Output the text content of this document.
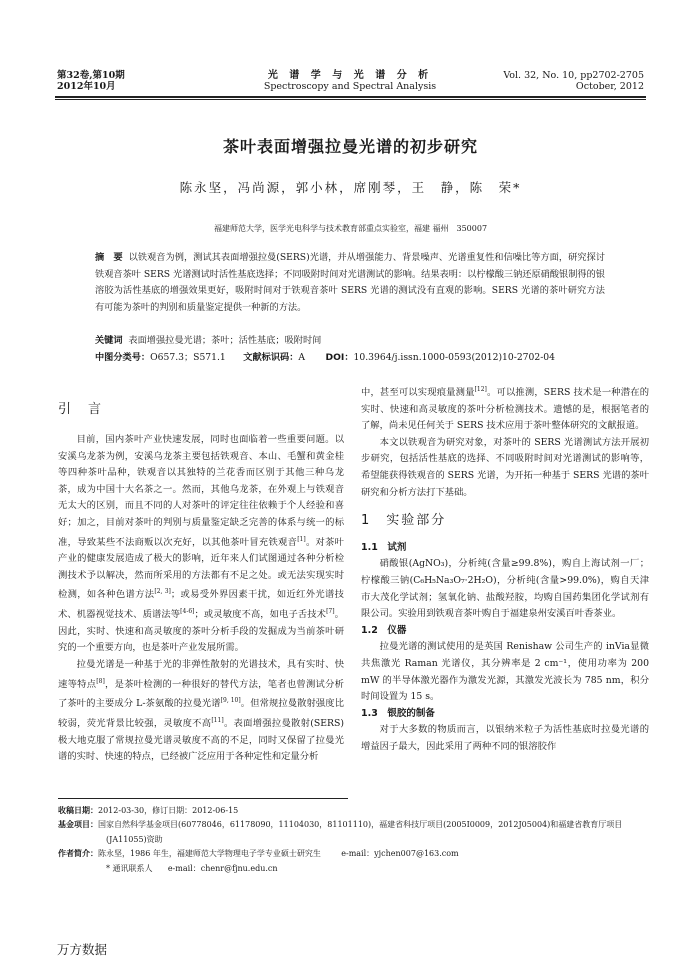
第32卷,第10期
2012年10月
光 谱 学 与 光 谱 分 析
Spectroscopy and Spectral Analysis
Vol. 32, No. 10, pp2702-2705
October, 2012
茶叶表面增强拉曼光谱的初步研究
陈永坚，冯尚源，郭小林，席刚琴，王　静，陈　荣*
福建师范大学，医学光电科学与技术教育部重点实验室，福建 福州　350007
摘　要 以铁观音为例，测试其表面增强拉曼(SERS)光谱，并从增强能力、背景噪声、光谱重复性和信噪比等方面，研究探讨铁观音茶叶 SERS 光谱测试时活性基底选择；不同吸附时间对光谱测试的影响。结果表明：以柠檬酸三钠还原硝酸银制得的银溶胶为活性基底的增强效果更好，吸附时间对于铁观音茶叶 SERS 光谱的测试没有直观的影响。SERS 光谱的茶叶研究方法有可能为茶叶的判别和质量鉴定提供一种新的方法。
关键词 表面增强拉曼光谱；茶叶；活性基底；吸附时间
中图分类号：O657.3；S571.1 文献标识码：A DOI：10.3964/j.issn.1000-0593(2012)10-2702-04
引　言

目前，国内茶叶产业快速发展，同时也面临着一些重要问题。以安溪乌龙茶为例，安溪乌龙茶主要包括铁观音、本山、毛蟹和黄金桂等四种茶叶品种，铁观音以其独特的兰花香而区别于其他三种乌龙茶，成为中国十大名茶之一。然而，其他乌龙茶，在外观上与铁观音无太大的区别，而且不同的人对茶叶的评定往往依赖于个人经验和喜好；加之，目前对茶叶的判别与质量鉴定缺乏完善的体系与统一的标准，导致某些不法商贩以次充好，以其他茶叶冒充铁观音[1]。对茶叶产业的健康发展造成了极大的影响，近年来人们试图通过各种分析检测技术予以解决，然而所采用的方法都有不足之处。或无法实现实时检测，如各种色谱方法[2, 3]；或易受外界因素干扰，如近红外光谱技术、机器视觉技术、质谱法等[4-6]；或灵敏度不高，如电子舌技术[7]。因此，实时、快速和高灵敏度的茶叶分析手段的发掘成为当前茶叶研究的一个重要方向，也是茶叶产业发展所需。

拉曼光谱是一种基于光的非弹性散射的光谱技术，具有实时、快速等特点[8]，是茶叶检测的一种很好的替代方法，笔者也曾测试分析了茶叶的主要成分 L-茶氨酸的拉曼光谱[9, 10]。但常规拉曼散射强度比较弱，荧光背景比较强，灵敏度不高[11]。表面增强拉曼散射(SERS)极大地克服了常规拉曼光谱灵敏度不高的不足，同时又保留了拉曼光谱的实时、快速的特点，已经被广泛应用于各种定性和定量分析

中，甚至可以实现痕量测量[12]。可以推测，SERS 技术是一种潜在的实时、快速和高灵敏度的茶叶分析检测技术。遗憾的是，根据笔者的了解，尚未见任何关于 SERS 技术应用于茶叶整体研究的文献报道。

本文以铁观音为研究对象，对茶叶的 SERS 光谱测试方法开展初步研究，包括活性基底的选择、不同吸附时间对光谱测试的影响等，希望能获得铁观音的 SERS 光谱，为开拓一种基于 SERS 光谱的茶叶研究和分析方法打下基础。

1　实验部分
1.1　试剂

硝酸银(AgNO₃)，分析纯(含量≥99.8%)，购自上海试剂一厂；柠檬酸三钠(C₆H₅Na₃O₇·2H₂O)，分析纯(含量>99.0%)，购自天津市大茂化学试剂；氢氧化钠、盐酸羟胺，均购自国药集团化学试剂有限公司。实验用到铁观音茶叶购自于福建泉州安溪百叶香茶业。

1.2　仪器

拉曼光谱的测试使用的是英国 Renishaw 公司生产的 inVia显微共焦激光 Raman 光谱仪，其分辨率是 2 cm⁻¹，使用功率为 200 mW 的半导体激光器作为激发光源，其激发光波长为 785 nm，积分时间设置为 15 s。

1.3　银胶的制备

对于大多数的物质而言，以银纳米粒子为活性基底时拉曼光谱的增益因子最大，因此采用了两种不同的银溶胶作

收稿日期：2012-03-30，修订日期：2012-06-15
基金项目：国家自然科学基金项目(60778046，61178090，11104030，81101110)，福建省科技厅项目(2005I0009，2012J05004)和福建省教育厅项目(JA11055)资助
作者简介：陈永坚，1986 年生，福建师范大学物理电子学专业硕士研究生	e-mail：yjchen007@163.com
* 通讯联系人 e-mail：chenr@fjnu.edu.cn
万方数据
